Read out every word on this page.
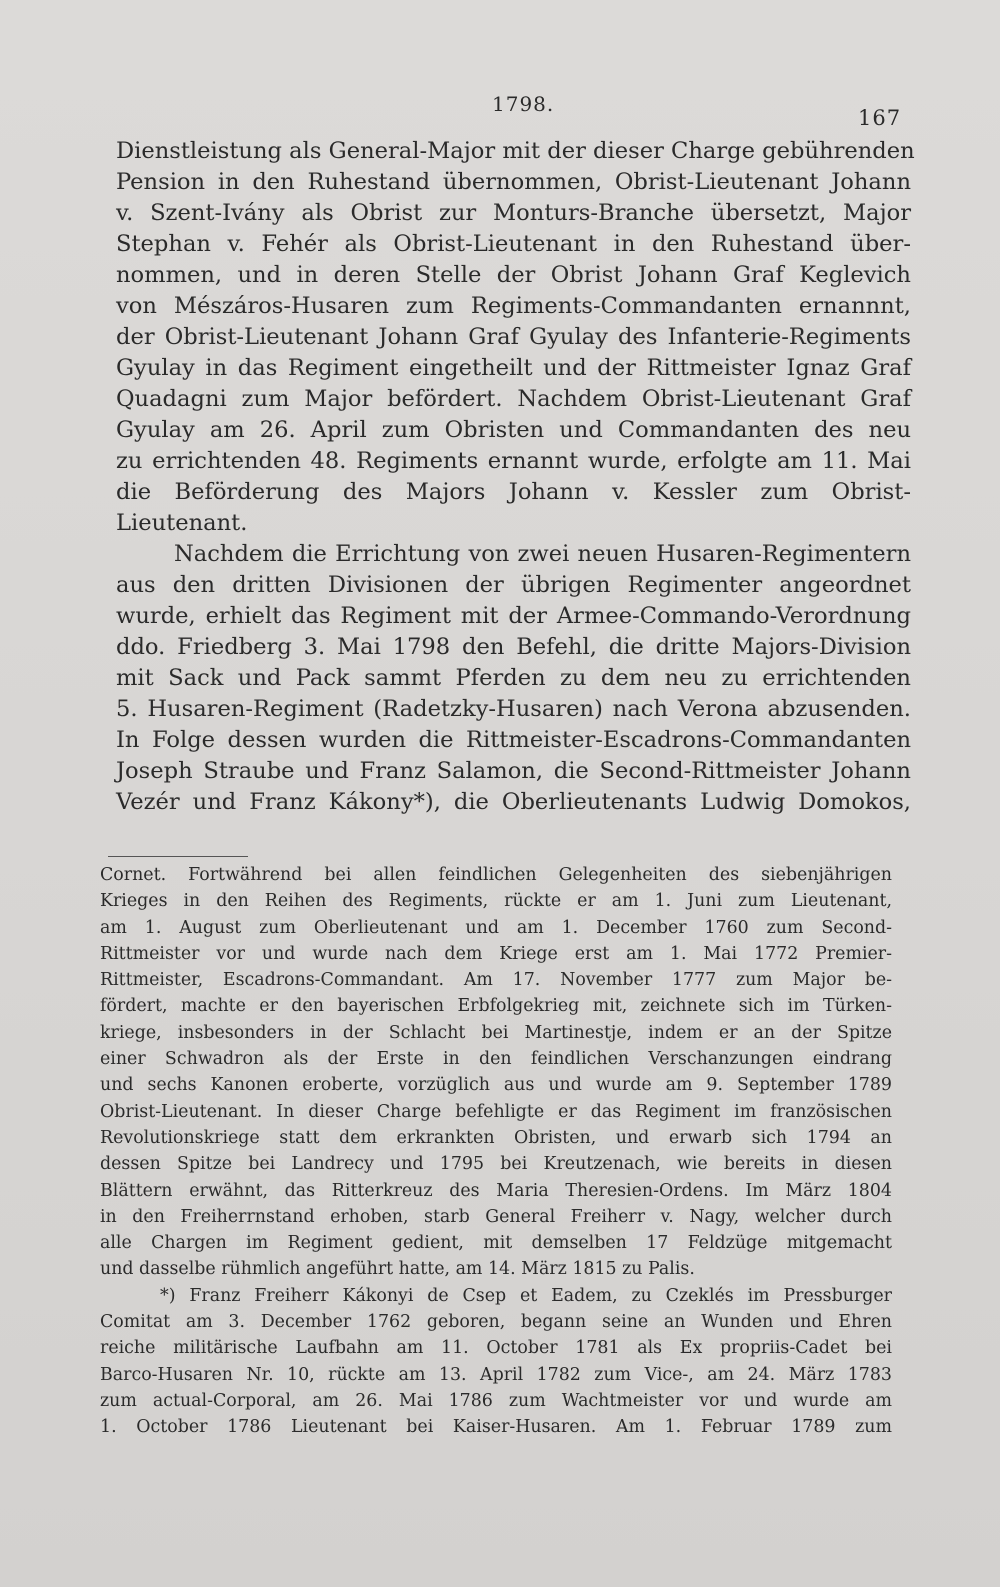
1798.
167
Dienstleistung als General-Major mit der dieser Charge gebührenden
Pension in den Ruhestand übernommen, Obrist-Lieutenant Johann
v. Szent-Ivány als Obrist zur Monturs-Branche übersetzt, Major
Stephan v. Fehér als Obrist-Lieutenant in den Ruhestand über-
nommen, und in deren Stelle der Obrist Johann Graf Keglevich
von Mészáros-Husaren zum Regiments-Commandanten ernannnt,
der Obrist-Lieutenant Johann Graf Gyulay des Infanterie-Regiments
Gyulay in das Regiment eingetheilt und der Rittmeister Ignaz Graf
Quadagni zum Major befördert. Nachdem Obrist-Lieutenant Graf
Gyulay am 26. April zum Obristen und Commandanten des neu
zu errichtenden 48. Regiments ernannt wurde, erfolgte am 11. Mai
die Beförderung des Majors Johann v. Kessler zum Obrist-
Lieutenant.
Nachdem die Errichtung von zwei neuen Husaren-Regimentern
aus den dritten Divisionen der übrigen Regimenter angeordnet
wurde, erhielt das Regiment mit der Armee-Commando-Verordnung
ddo. Friedberg 3. Mai 1798 den Befehl, die dritte Majors-Division
mit Sack und Pack sammt Pferden zu dem neu zu errichtenden
5. Husaren-Regiment (Radetzky-Husaren) nach Verona abzusenden.
In Folge dessen wurden die Rittmeister-Escadrons-Commandanten
Joseph Straube und Franz Salamon, die Second-Rittmeister Johann
Vezér und Franz Kákony*), die Oberlieutenants Ludwig Domokos,
Cornet. Fortwährend bei allen feindlichen Gelegenheiten des siebenjährigen
Krieges in den Reihen des Regiments, rückte er am 1. Juni zum Lieutenant,
am 1. August zum Oberlieutenant und am 1. December 1760 zum Second-
Rittmeister vor und wurde nach dem Kriege erst am 1. Mai 1772 Premier-
Rittmeister, Escadrons-Commandant. Am 17. November 1777 zum Major be-
fördert, machte er den bayerischen Erbfolgekrieg mit, zeichnete sich im Türken-
kriege, insbesonders in der Schlacht bei Martinestje, indem er an der Spitze
einer Schwadron als der Erste in den feindlichen Verschanzungen eindrang
und sechs Kanonen eroberte, vorzüglich aus und wurde am 9. September 1789
Obrist-Lieutenant. In dieser Charge befehligte er das Regiment im französischen
Revolutionskriege statt dem erkrankten Obristen, und erwarb sich 1794 an
dessen Spitze bei Landrecy und 1795 bei Kreutzenach, wie bereits in diesen
Blättern erwähnt, das Ritterkreuz des Maria Theresien-Ordens. Im März 1804
in den Freiherrnstand erhoben, starb General Freiherr v. Nagy, welcher durch
alle Chargen im Regiment gedient, mit demselben 17 Feldzüge mitgemacht
und dasselbe rühmlich angeführt hatte, am 14. März 1815 zu Palis.
*) Franz Freiherr Kákonyi de Csep et Eadem, zu Czeklés im Pressburger
Comitat am 3. December 1762 geboren, begann seine an Wunden und Ehren
reiche militärische Laufbahn am 11. October 1781 als Ex propriis-Cadet bei
Barco-Husaren Nr. 10, rückte am 13. April 1782 zum Vice-, am 24. März 1783
zum actual-Corporal, am 26. Mai 1786 zum Wachtmeister vor und wurde am
1. October 1786 Lieutenant bei Kaiser-Husaren. Am 1. Februar 1789 zum
